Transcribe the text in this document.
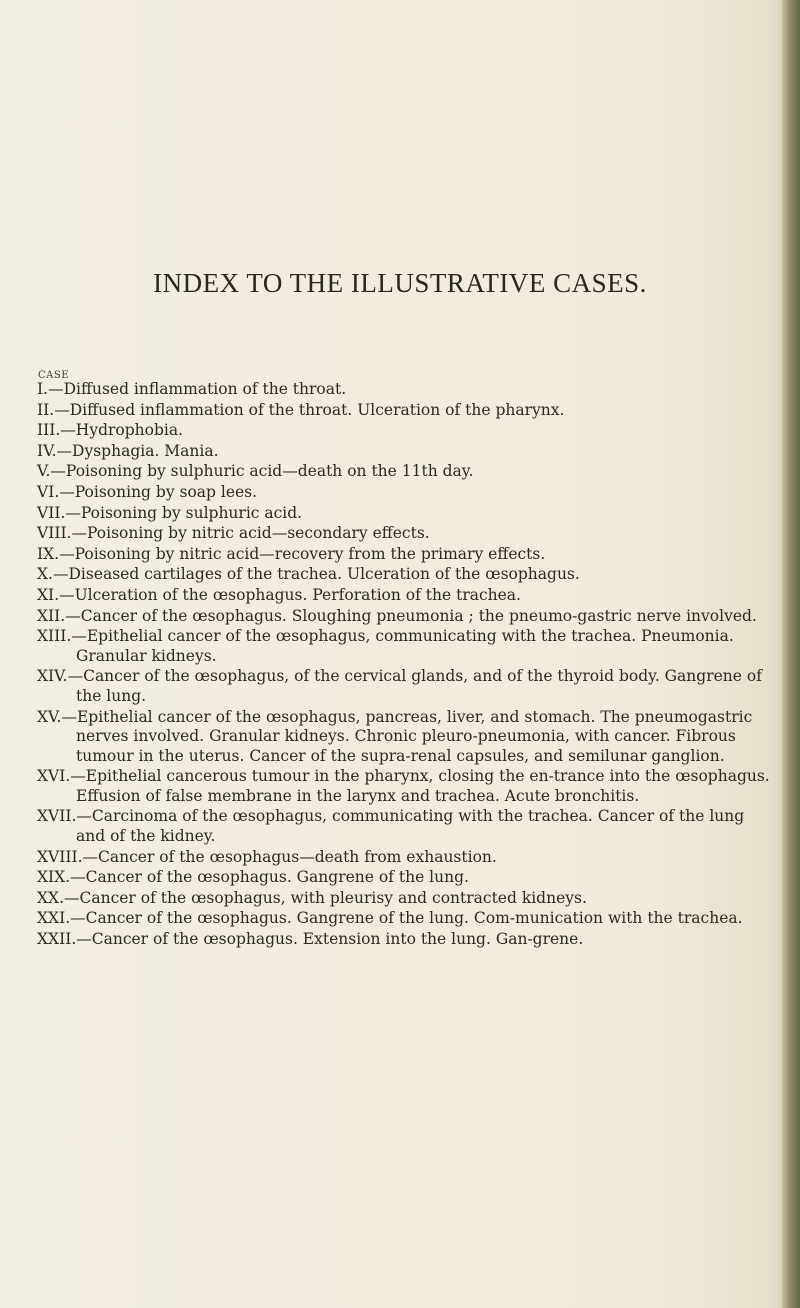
INDEX TO THE ILLUSTRATIVE CASES.
CASE
I.—Diffused inflammation of the throat.
II.—Diffused inflammation of the throat. Ulceration of the pharynx.
III.—Hydrophobia.
IV.—Dysphagia. Mania.
V.—Poisoning by sulphuric acid—death on the 11th day.
VI.—Poisoning by soap lees.
VII.—Poisoning by sulphuric acid.
VIII.—Poisoning by nitric acid—secondary effects.
IX.—Poisoning by nitric acid—recovery from the primary effects.
X.—Diseased cartilages of the trachea. Ulceration of the œsophagus.
XI.—Ulceration of the œsophagus. Perforation of the trachea.
XII.—Cancer of the œsophagus. Sloughing pneumonia ; the pneumo-gastric nerve involved.
XIII.—Epithelial cancer of the œsophagus, communicating with the trachea. Pneumonia. Granular kidneys.
XIV.—Cancer of the œsophagus, of the cervical glands, and of the thyroid body. Gangrene of the lung.
XV.—Epithelial cancer of the œsophagus, pancreas, liver, and stomach. The pneumogastric nerves involved. Granular kidneys. Chronic pleuro-pneumonia, with cancer. Fibrous tumour in the uterus. Cancer of the supra-renal capsules, and semilunar ganglion.
XVI.—Epithelial cancerous tumour in the pharynx, closing the en-trance into the œsophagus. Effusion of false membrane in the larynx and trachea. Acute bronchitis.
XVII.—Carcinoma of the œsophagus, communicating with the trachea. Cancer of the lung and of the kidney.
XVIII.—Cancer of the œsophagus—death from exhaustion.
XIX.—Cancer of the œsophagus. Gangrene of the lung.
XX.—Cancer of the œsophagus, with pleurisy and contracted kidneys.
XXI.—Cancer of the œsophagus. Gangrene of the lung. Com-munication with the trachea.
XXII.—Cancer of the œsophagus. Extension into the lung. Gan-grene.
